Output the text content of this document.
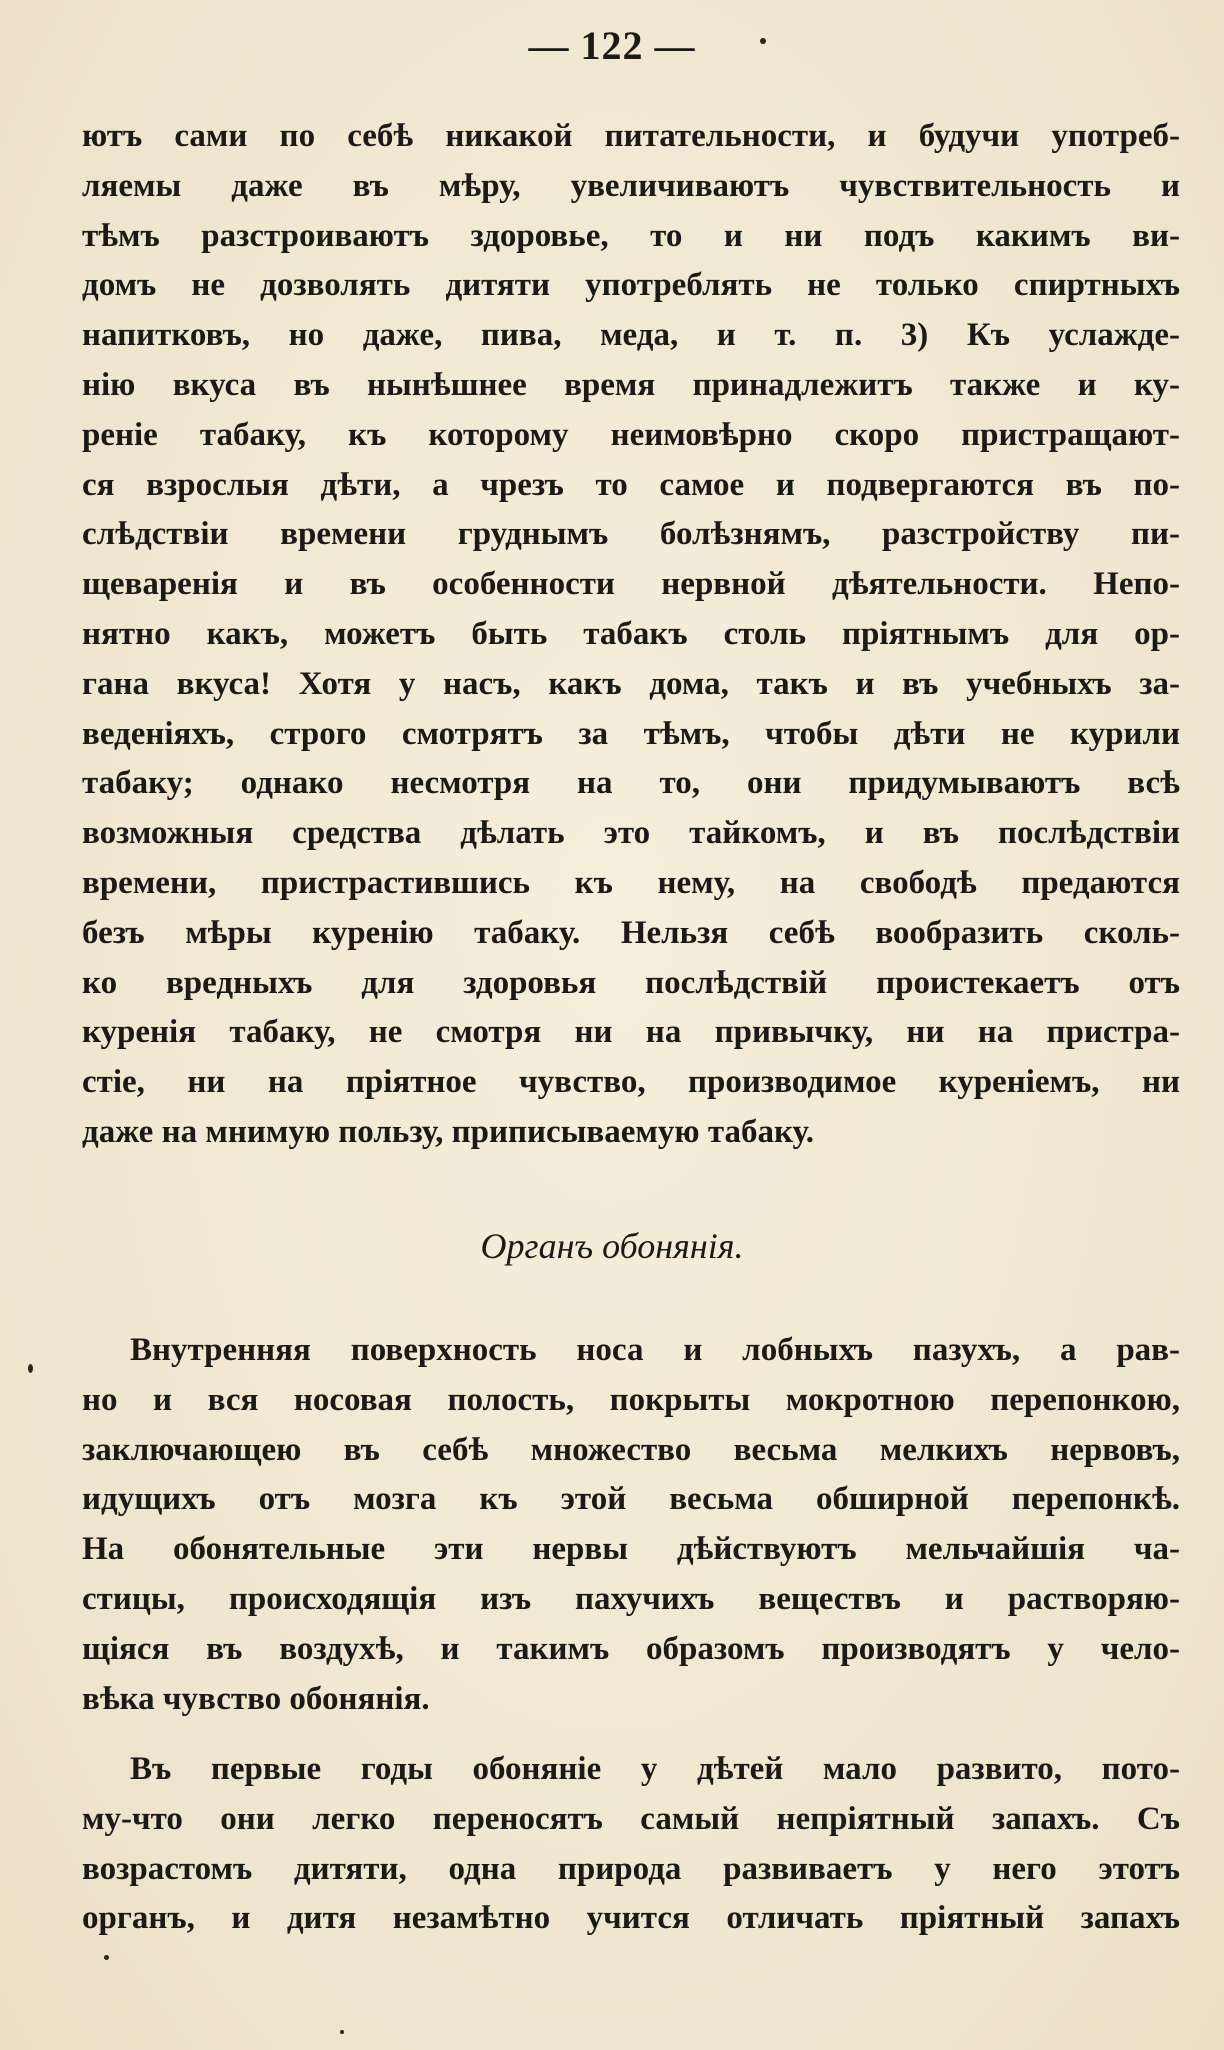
— 122 —
ютъ сами по себѣ никакой питательности, и будучи употреб-
ляемы даже въ мѣру, увеличиваютъ чувствительность и
тѣмъ разстроиваютъ здоровье, то и ни подъ какимъ ви-
домъ не дозволять дитяти употреблять не только спиртныхъ
напитковъ, но даже, пива, меда, и т. п. 3) Къ услажде-
нію вкуса въ нынѣшнее время принадлежитъ также и ку-
реніе табаку, къ которому неимовѣрно скоро пристращают-
ся взрослыя дѣти, а чрезъ то самое и подвергаются въ по-
слѣдствіи времени груднымъ болѣзнямъ, разстройству пи-
щеваренія и въ особенности нервной дѣятельности. Непо-
нятно какъ, можетъ быть табакъ столь пріятнымъ для ор-
гана вкуса! Хотя у насъ, какъ дома, такъ и въ учебныхъ за-
веденіяхъ, строго смотрятъ за тѣмъ, чтобы дѣти не курили
табаку; однако несмотря на то, они придумываютъ всѣ
возможныя средства дѣлать это тайкомъ, и въ послѣдствіи
времени, пристрастившись къ нему, на свободѣ предаются
безъ мѣры куренію табаку. Нельзя себѣ вообразить сколь-
ко вредныхъ для здоровья послѣдствій проистекаетъ отъ
куренія табаку, не смотря ни на привычку, ни на пристра-
стіе, ни на пріятное чувство, производимое куреніемъ, ни
даже на мнимую пользу, приписываемую табаку.
Органъ обонянія.
Внутренняя поверхность носа и лобныхъ пазухъ, а рав-
но и вся носовая полость, покрыты мокротною перепонкою,
заключающею въ себѣ множество весьма мелкихъ нервовъ,
идущихъ отъ мозга къ этой весьма обширной перепонкѣ.
На обонятельные эти нервы дѣйствуютъ мельчайшія ча-
стицы, происходящія изъ пахучихъ веществъ и растворяю-
щіяся въ воздухѣ, и такимъ образомъ производятъ у чело-
вѣка чувство обонянія.
Въ первые годы обоняніе у дѣтей мало развито, пото-
му-что они легко переносятъ самый непріятный запахъ. Съ
возрастомъ дитяти, одна природа развиваетъ у него этотъ
органъ, и дитя незамѣтно учится отличать пріятный запахъ
